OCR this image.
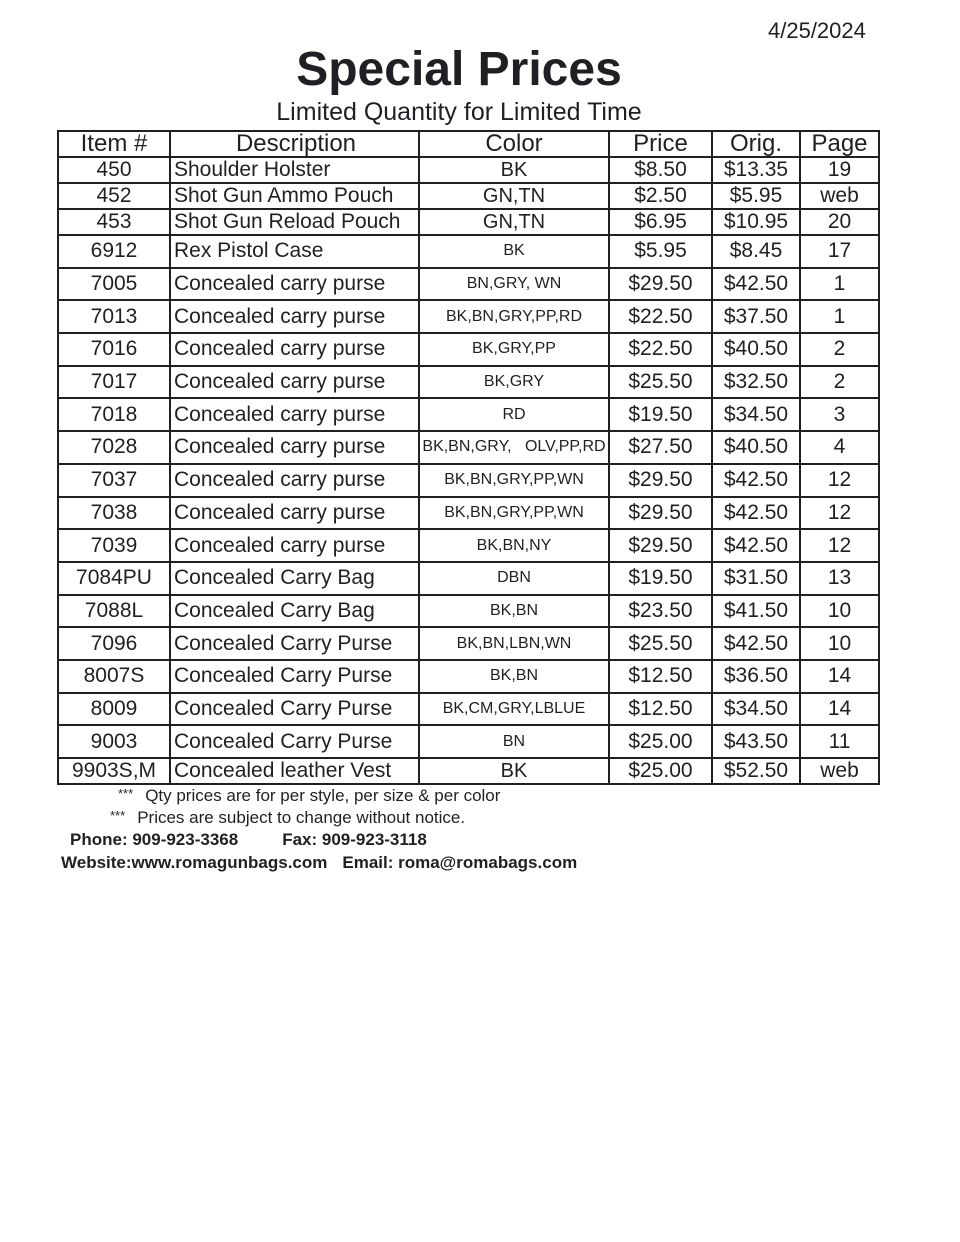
4/25/2024
Special Prices
Limited Quantity for Limited Time
Item #	Description	Color	Price	Orig.	Page
450	Shoulder Holster	BK	$8.50	$13.35	19
452	Shot Gun Ammo Pouch	GN,TN	$2.50	$5.95	web
453	Shot Gun Reload Pouch	GN,TN	$6.95	$10.95	20
6912	Rex Pistol Case	BK	$5.95	$8.45	17
7005	Concealed carry purse	BN,GRY, WN	$29.50	$42.50	1
7013	Concealed carry purse	BK,BN,GRY,PP,RD	$22.50	$37.50	1
7016	Concealed carry purse	BK,GRY,PP	$22.50	$40.50	2
7017	Concealed carry purse	BK,GRY	$25.50	$32.50	2
7018	Concealed carry purse	RD	$19.50	$34.50	3
7028	Concealed carry purse	BK,BN,GRY,   OLV,PP,RD	$27.50	$40.50	4
7037	Concealed carry purse	BK,BN,GRY,PP,WN	$29.50	$42.50	12
7038	Concealed carry purse	BK,BN,GRY,PP,WN	$29.50	$42.50	12
7039	Concealed carry purse	BK,BN,NY	$29.50	$42.50	12
7084PU	Concealed Carry Bag	DBN	$19.50	$31.50	13
7088L	Concealed Carry Bag	BK,BN	$23.50	$41.50	10
7096	Concealed Carry Purse	BK,BN,LBN,WN	$25.50	$42.50	10
8007S	Concealed Carry Purse	BK,BN	$12.50	$36.50	14
8009	Concealed Carry Purse	BK,CM,GRY,LBLUE	$12.50	$34.50	14
9003	Concealed Carry Purse	BN	$25.00	$43.50	11
9903S,M	Concealed leather Vest	BK	$25.00	$52.50	web
*** Qty prices are for per style, per size & per color
*** Prices are subject to change without notice.
Phone: 909-923-3368	Fax: 909-923-3118
Website:www.romagunbags.com Email: roma@romabags.com
